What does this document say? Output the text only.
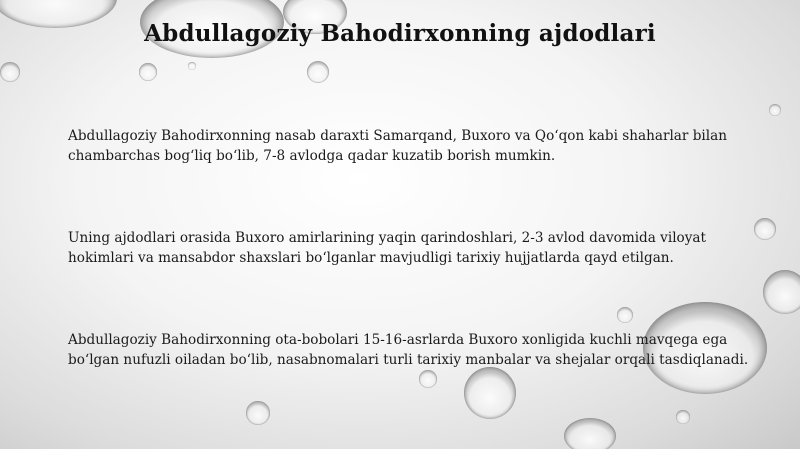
Abdullagoziy Bahodirxonning ajdodlari
Abdullagoziy Bahodirxonning nasab daraxti Samarqand, Buxoro va Qo‘qon kabi shaharlar bilan chambarchas bog‘liq bo‘lib, 7-8 avlodga qadar kuzatib borish mumkin.
Uning ajdodlari orasida Buxoro amirlarining yaqin qarindoshlari, 2-3 avlod davomida viloyat hokimlari va mansabdor shaxslari bo‘lganlar mavjudligi tarixiy hujjatlarda qayd etilgan.
Abdullagoziy Bahodirxonning ota-bobolari 15-16-asrlarda Buxoro xonligida kuchli mavqega ega bo‘lgan nufuzli oiladan bo‘lib, nasabnomalari turli tarixiy manbalar va shejalar orqali tasdiqlanadi.
